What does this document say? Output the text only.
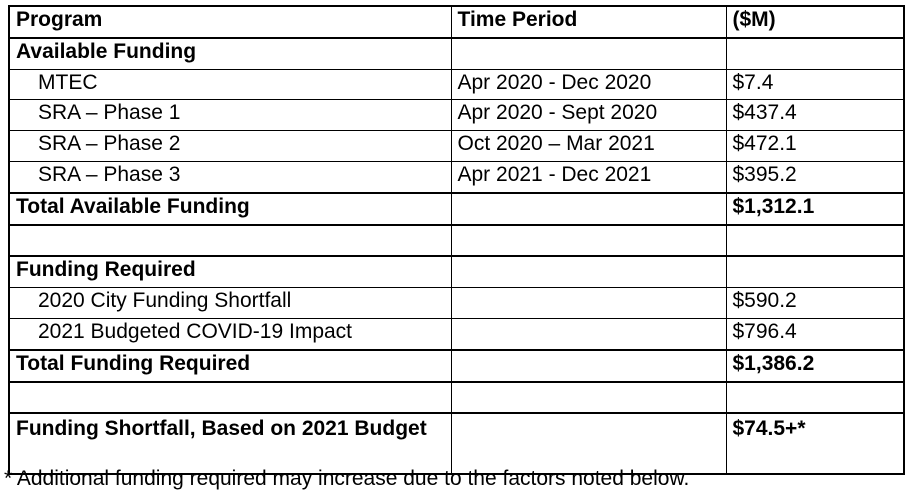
Program	Time Period	($M)
Available Funding		
MTEC	Apr 2020 - Dec 2020	$7.4
SRA – Phase 1	Apr 2020 - Sept 2020	$437.4
SRA – Phase 2	Oct 2020 – Mar 2021	$472.1
SRA – Phase 3	Apr 2021 - Dec 2021	$395.2
Total Available Funding		$1,312.1

Funding Required		
2020 City Funding Shortfall		$590.2
2021 Budgeted COVID-19 Impact		$796.4
Total Funding Required		$1,386.2

Funding Shortfall, Based on 2021 Budget		$74.5+*
* Additional funding required may increase due to the factors noted below.
